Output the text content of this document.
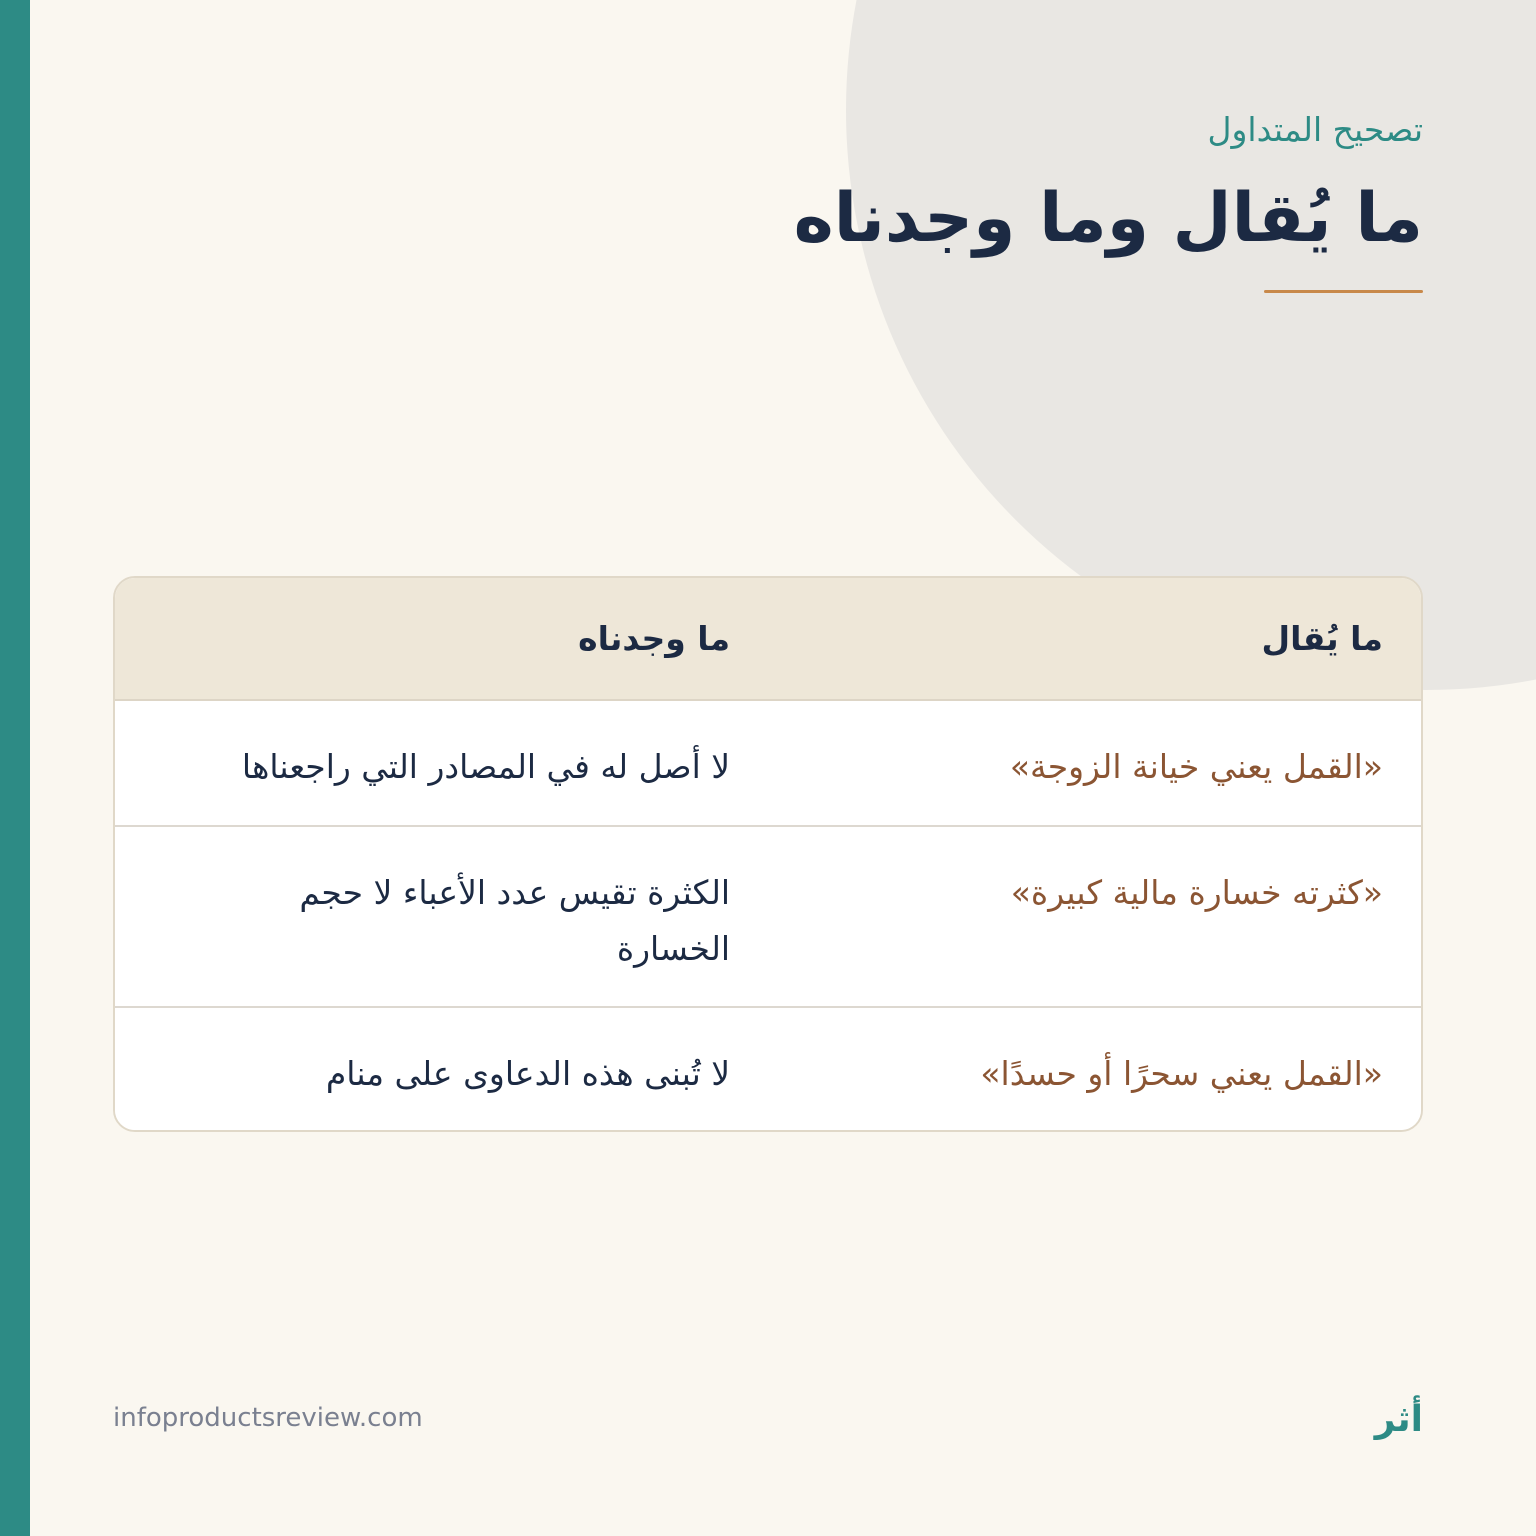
تصحيح المتداول

ما يُقال وما وجدناه
ما يُقال
ما وجدناه
«القمل يعني خيانة الزوجة»
لا أصل له في المصادر التي راجعناها
«كثرته خسارة مالية كبيرة»
الكثرة تقيس عدد الأعباء لا حجم الخسارة
«القمل يعني سحرًا أو حسدًا»
لا تُبنى هذه الدعاوى على منام
infoproductsreview.com	أثر
